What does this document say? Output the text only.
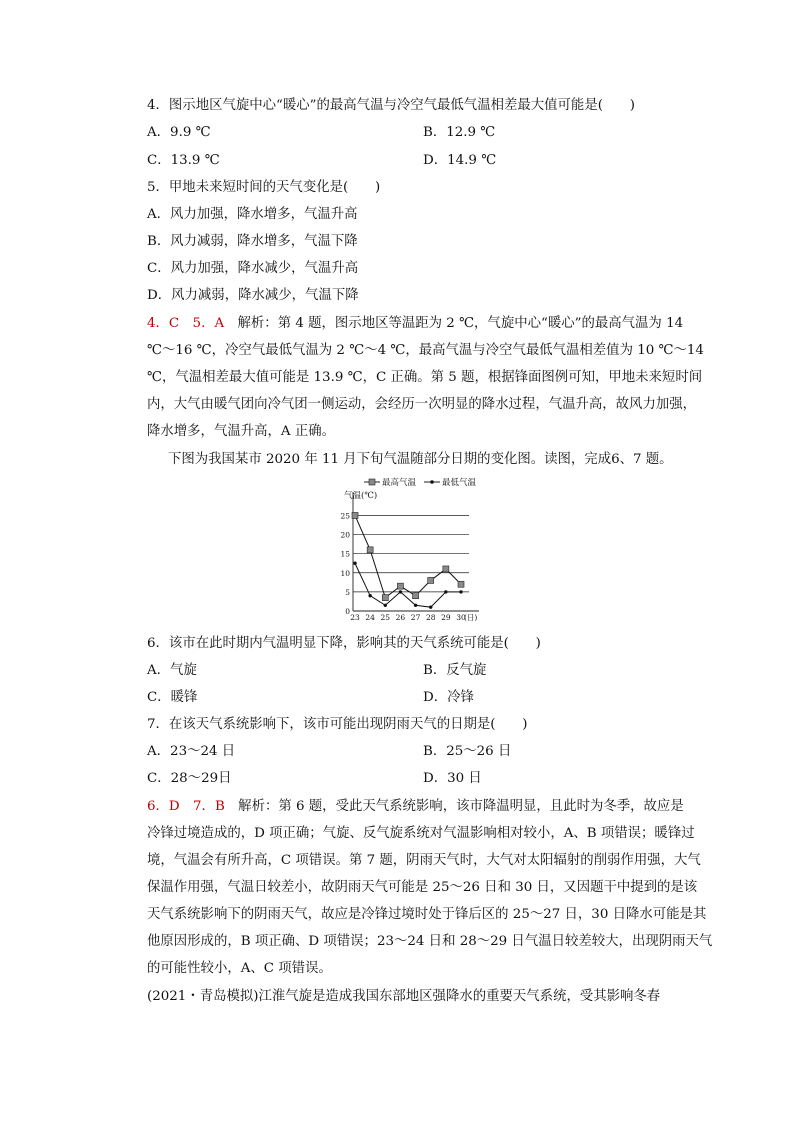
4．图示地区气旋中心“暖心”的最高气温与冷空气最低气温相差最大值可能是(　　)
A．9.9 ℃	B．12.9 ℃
C．13.9 ℃	D．14.9 ℃
5．甲地未来短时间的天气变化是(　　)
A．风力加强，降水增多，气温升高
B．风力减弱，降水增多，气温下降
C．风力加强，降水减少，气温升高
D．风力减弱，降水减少，气温下降
4．C　5．A　解析：第 4 题，图示地区等温距为 2 ℃，气旋中心“暖心”的最高气温为 14
℃～16 ℃，冷空气最低气温为 2 ℃～4 ℃，最高气温与冷空气最低气温相差值为 10 ℃～14
℃，气温相差最大值可能是 13.9 ℃，C 正确。第 5 题，根据锋面图例可知，甲地未来短时间
内，大气由暖气团向冷气团一侧运动，会经历一次明显的降水过程，气温升高，故风力加强，
降水增多，气温升高，A 正确。
下图为我国某市 2020 年 11 月下旬气温随部分日期的变化图。读图，完成6、7 题。
最高气温	最低气温
气温(℃)
0
5
10
15
20
25
23 24 25 26 27 28 29 30
(日)
6．该市在此时期内气温明显下降，影响其的天气系统可能是(　　)
A．气旋	B．反气旋
C．暖锋	D．冷锋
7．在该天气系统影响下，该市可能出现阴雨天气的日期是(　　)
A．23～24 日	B．25～26 日
C．28～29日	D．30 日
6．D　7．B　解析：第 6 题，受此天气系统影响，该市降温明显，且此时为冬季，故应是
冷锋过境造成的，D 项正确；气旋、反气旋系统对气温影响相对较小，A、B 项错误；暖锋过
境，气温会有所升高，C 项错误。第 7 题，阴雨天气时，大气对太阳辐射的削弱作用强，大气
保温作用强，气温日较差小，故阴雨天气可能是 25～26 日和 30 日，又因题干中提到的是该
天气系统影响下的阴雨天气，故应是冷锋过境时处于锋后区的 25～27 日，30 日降水可能是其
他原因形成的，B 项正确、D 项错误；23～24 日和 28～29 日气温日较差较大，出现阴雨天气
的可能性较小，A、C 项错误。
(2021・青岛模拟)江淮气旋是造成我国东部地区强降水的重要天气系统，受其影响冬春
